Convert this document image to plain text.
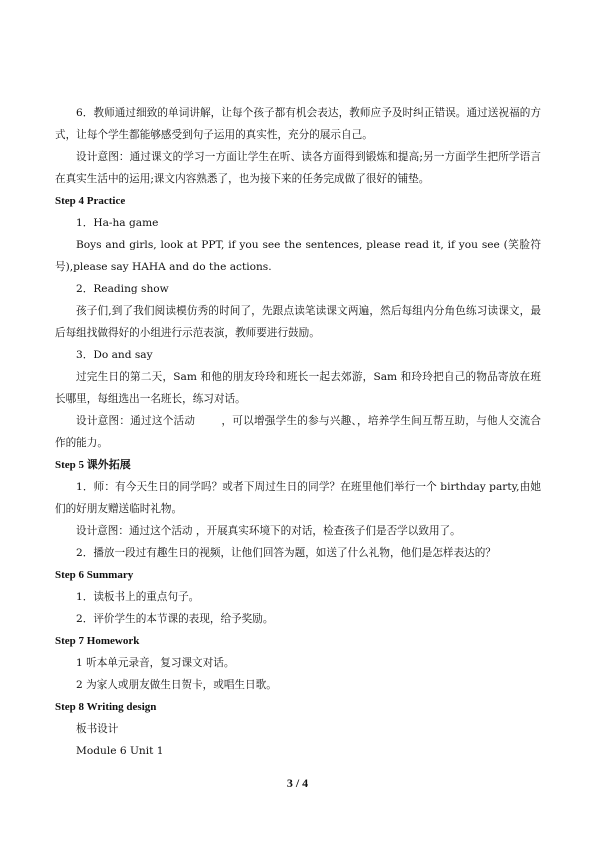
6．教师通过细致的单词讲解，让每个孩子都有机会表达，教师应予及时纠正错误。通过送祝福的方式，让每个学生都能够感受到句子运用的真实性，充分的展示自己。

设计意图：通过课文的学习一方面让学生在听、读各方面得到锻炼和提高;另一方面学生把所学语言在真实生活中的运用;课文内容熟悉了，也为接下来的任务完成做了很好的铺垫。

Step 4 Practice

1．Ha-ha game

Boys and girls, look at PPT, if you see the sentences, please read it, if you see (笑脸符号),please say HAHA and do the actions.

2．Reading show

孩子们,到了我们阅读模仿秀的时间了，先跟点读笔读课文两遍，然后每组内分角色练习读课文，最后每组找做得好的小组进行示范表演，教师要进行鼓励。

3．Do and say

过完生日的第二天，Sam 和他的朋友玲玲和班长一起去郊游，Sam 和玲玲把自己的物品寄放在班长哪里，每组选出一名班长，练习对话。

设计意图：通过这个活动 ，可以增强学生的参与兴趣、，培养学生间互帮互助，与他人交流合作的能力。

Step 5 课外拓展

1．师：有今天生日的同学吗？或者下周过生日的同学？在班里他们举行一个 birthday party,由她们的好朋友赠送临时礼物。

设计意图：通过这个活动 ，开展真实环境下的对话，检查孩子们是否学以致用了。

2．播放一段过有趣生日的视频，让他们回答为题，如送了什么礼物，他们是怎样表达的？

Step 6 Summary

1．读板书上的重点句子。

2．评价学生的本节课的表现，给予奖励。

Step 7 Homework

1 听本单元录音，复习课文对话。

2 为家人或朋友做生日贺卡，或唱生日歌。

Step 8 Writing design

板书设计

Module 6 Unit 1

3 / 4
